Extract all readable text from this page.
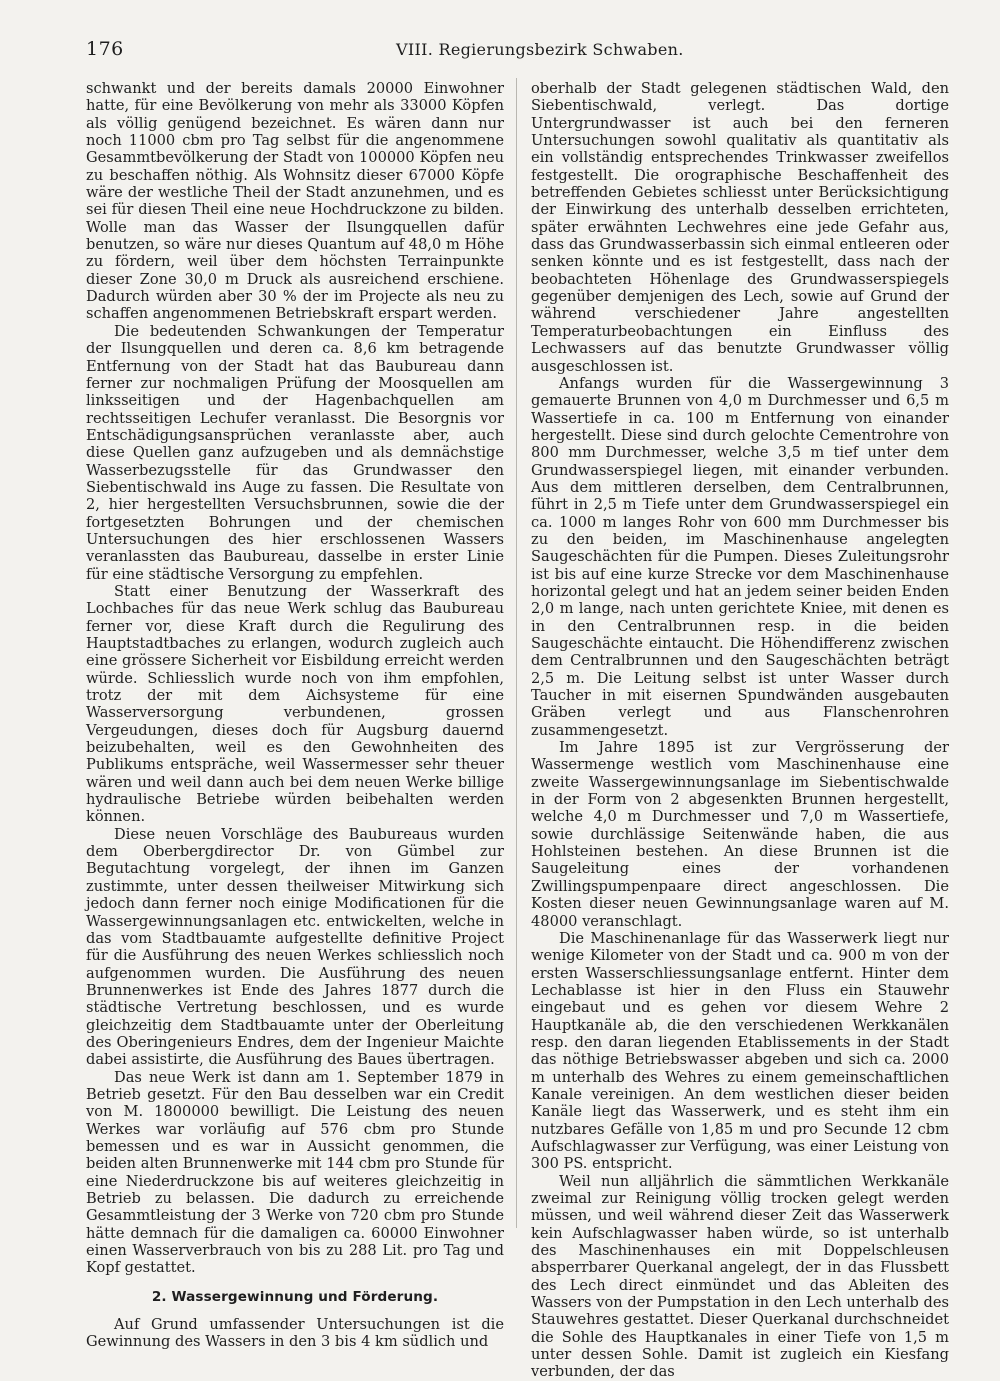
176	VIII. Regierungsbezirk Schwaben.

schwankt und der bereits damals 20000 Einwohner hatte, für eine Bevölkerung von mehr als 33000 Köpfen als völlig genügend bezeichnet. Es wären dann nur noch 11000 cbm pro Tag selbst für die angenommene Gesammtbevölkerung der Stadt von 100000 Köpfen neu zu beschaffen nöthig. Als Wohnsitz dieser 67000 Köpfe wäre der westliche Theil der Stadt anzunehmen, und es sei für diesen Theil eine neue Hochdruckzone zu bilden. Wolle man das Wasser der Ilsungquellen dafür benutzen, so wäre nur dieses Quantum auf 48,0 m Höhe zu fördern, weil über dem höchsten Terrainpunkte dieser Zone 30,0 m Druck als ausreichend erschiene. Dadurch würden aber 30 % der im Projecte als neu zu schaffen angenommenen Betriebskraft erspart werden.

Die bedeutenden Schwankungen der Temperatur der Ilsungquellen und deren ca. 8,6 km betragende Entfernung von der Stadt hat das Baubureau dann ferner zur nochmaligen Prüfung der Moosquellen am linksseitigen und der Hagenbachquellen am rechtsseitigen Lechufer veranlasst. Die Besorgnis vor Entschädigungsansprüchen veranlasste aber, auch diese Quellen ganz aufzugeben und als demnächstige Wasserbezugsstelle für das Grundwasser den Siebentischwald ins Auge zu fassen. Die Resultate von 2, hier hergestellten Versuchsbrunnen, sowie die der fortgesetzten Bohrungen und der chemischen Untersuchungen des hier erschlossenen Wassers veranlassten das Baubureau, dasselbe in erster Linie für eine städtische Versorgung zu empfehlen.

Statt einer Benutzung der Wasserkraft des Lochbaches für das neue Werk schlug das Baubureau ferner vor, diese Kraft durch die Regulirung des Hauptstadtbaches zu erlangen, wodurch zugleich auch eine grössere Sicherheit vor Eisbildung erreicht werden würde. Schliesslich wurde noch von ihm empfohlen, trotz der mit dem Aichsysteme für eine Wasserversorgung verbundenen, grossen Vergeudungen, dieses doch für Augsburg dauernd beizubehalten, weil es den Gewohnheiten des Publikums entspräche, weil Wassermesser sehr theuer wären und weil dann auch bei dem neuen Werke billige hydraulische Betriebe würden beibehalten werden können.

Diese neuen Vorschläge des Baubureaus wurden dem Oberbergdirector Dr. von Gümbel zur Begutachtung vorgelegt, der ihnen im Ganzen zustimmte, unter dessen theilweiser Mitwirkung sich jedoch dann ferner noch einige Modificationen für die Wassergewinnungsanlagen etc. entwickelten, welche in das vom Stadtbauamte aufgestellte definitive Project für die Ausführung des neuen Werkes schliesslich noch aufgenommen wurden. Die Ausführung des neuen Brunnenwerkes ist Ende des Jahres 1877 durch die städtische Vertretung beschlossen, und es wurde gleichzeitig dem Stadtbauamte unter der Oberleitung des Oberingenieurs Endres, dem der Ingenieur Maichte dabei assistirte, die Ausführung des Baues übertragen.

Das neue Werk ist dann am 1. September 1879 in Betrieb gesetzt. Für den Bau desselben war ein Credit von M. 1800000 bewilligt. Die Leistung des neuen Werkes war vorläufig auf 576 cbm pro Stunde bemessen und es war in Aussicht genommen, die beiden alten Brunnenwerke mit 144 cbm pro Stunde für eine Niederdruckzone bis auf weiteres gleichzeitig in Betrieb zu belassen. Die dadurch zu erreichende Gesammtleistung der 3 Werke von 720 cbm pro Stunde hätte demnach für die damaligen ca. 60000 Einwohner einen Wasserverbrauch von bis zu 288 Lit. pro Tag und Kopf gestattet.

2. Wassergewinnung und Förderung.

Auf Grund umfassender Untersuchungen ist die Gewinnung des Wassers in den 3 bis 4 km südlich und

oberhalb der Stadt gelegenen städtischen Wald, den Siebentischwald, verlegt. Das dortige Untergrundwasser ist auch bei den ferneren Untersuchungen sowohl qualitativ als quantitativ als ein vollständig entsprechendes Trinkwasser zweifellos festgestellt. Die orographische Beschaffenheit des betreffenden Gebietes schliesst unter Berücksichtigung der Einwirkung des unterhalb desselben errichteten, später erwähnten Lechwehres eine jede Gefahr aus, dass das Grundwasserbassin sich einmal entleeren oder senken könnte und es ist festgestellt, dass nach der beobachteten Höhenlage des Grundwasserspiegels gegenüber demjenigen des Lech, sowie auf Grund der während verschiedener Jahre angestellten Temperaturbeobachtungen ein Einfluss des Lechwassers auf das benutzte Grundwasser völlig ausgeschlossen ist.

Anfangs wurden für die Wassergewinnung 3 gemauerte Brunnen von 4,0 m Durchmesser und 6,5 m Wassertiefe in ca. 100 m Entfernung von einander hergestellt. Diese sind durch gelochte Cementrohre von 800 mm Durchmesser, welche 3,5 m tief unter dem Grundwasserspiegel liegen, mit einander verbunden. Aus dem mittleren derselben, dem Centralbrunnen, führt in 2,5 m Tiefe unter dem Grundwasserspiegel ein ca. 1000 m langes Rohr von 600 mm Durchmesser bis zu den beiden, im Maschinenhause angelegten Saugeschächten für die Pumpen. Dieses Zuleitungsrohr ist bis auf eine kurze Strecke vor dem Maschinenhause horizontal gelegt und hat an jedem seiner beiden Enden 2,0 m lange, nach unten gerichtete Kniee, mit denen es in den Centralbrunnen resp. in die beiden Saugeschächte eintaucht. Die Höhendifferenz zwischen dem Centralbrunnen und den Saugeschächten beträgt 2,5 m. Die Leitung selbst ist unter Wasser durch Taucher in mit eisernen Spundwänden ausgebauten Gräben verlegt und aus Flanschenrohren zusammengesetzt.

Im Jahre 1895 ist zur Vergrösserung der Wassermenge westlich vom Maschinenhause eine zweite Wassergewinnungsanlage im Siebentischwalde in der Form von 2 abgesenkten Brunnen hergestellt, welche 4,0 m Durchmesser und 7,0 m Wassertiefe, sowie durchlässige Seitenwände haben, die aus Hohlsteinen bestehen. An diese Brunnen ist die Saugeleitung eines der vorhandenen Zwillingspumpenpaare direct angeschlossen. Die Kosten dieser neuen Gewinnungsanlage waren auf M. 48000 veranschlagt.

Die Maschinenanlage für das Wasserwerk liegt nur wenige Kilometer von der Stadt und ca. 900 m von der ersten Wasserschliessungsanlage entfernt. Hinter dem Lechablasse ist hier in den Fluss ein Stauwehr eingebaut und es gehen vor diesem Wehre 2 Hauptkanäle ab, die den verschiedenen Werkkanälen resp. den daran liegenden Etablissements in der Stadt das nöthige Betriebswasser abgeben und sich ca. 2000 m unterhalb des Wehres zu einem gemeinschaftlichen Kanale vereinigen. An dem westlichen dieser beiden Kanäle liegt das Wasserwerk, und es steht ihm ein nutzbares Gefälle von 1,85 m und pro Secunde 12 cbm Aufschlagwasser zur Verfügung, was einer Leistung von 300 PS. entspricht.

Weil nun alljährlich die sämmtlichen Werkkanäle zweimal zur Reinigung völlig trocken gelegt werden müssen, und weil während dieser Zeit das Wasserwerk kein Aufschlagwasser haben würde, so ist unterhalb des Maschinenhauses ein mit Doppelschleusen absperrbarer Querkanal angelegt, der in das Flussbett des Lech direct einmündet und das Ableiten des Wassers von der Pumpstation in den Lech unterhalb des Stauwehres gestattet. Dieser Querkanal durchschneidet die Sohle des Hauptkanales in einer Tiefe von 1,5 m unter dessen Sohle. Damit ist zugleich ein Kiesfang verbunden, der das
